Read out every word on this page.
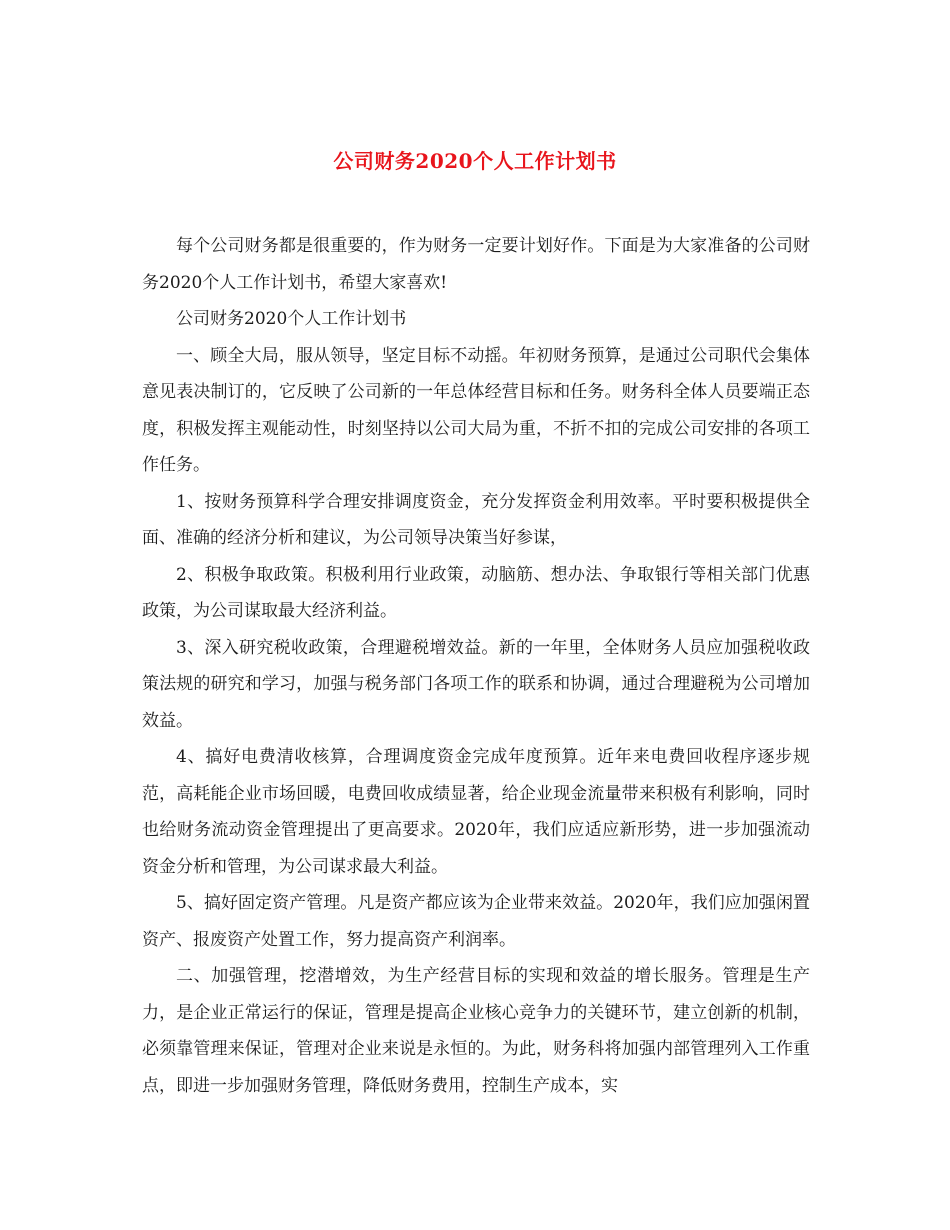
公司财务2020个人工作计划书

每个公司财务都是很重要的，作为财务一定要计划好作。下面是为大家准备的公司财务2020个人工作计划书，希望大家喜欢!

公司财务2020个人工作计划书

一、顾全大局，服从领导，坚定目标不动摇。年初财务预算，是通过公司职代会集体意见表决制订的，它反映了公司新的一年总体经营目标和任务。财务科全体人员要端正态度，积极发挥主观能动性，时刻坚持以公司大局为重，不折不扣的完成公司安排的各项工作任务。

1、按财务预算科学合理安排调度资金，充分发挥资金利用效率。平时要积极提供全面、准确的经济分析和建议，为公司领导决策当好参谋，

2、积极争取政策。积极利用行业政策，动脑筋、想办法、争取银行等相关部门优惠政策，为公司谋取最大经济利益。

3、深入研究税收政策，合理避税增效益。新的一年里，全体财务人员应加强税收政策法规的研究和学习，加强与税务部门各项工作的联系和协调，通过合理避税为公司增加效益。

4、搞好电费清收核算，合理调度资金完成年度预算。近年来电费回收程序逐步规范，高耗能企业市场回暖，电费回收成绩显著，给企业现金流量带来积极有利影响，同时也给财务流动资金管理提出了更高要求。2020年，我们应适应新形势，进一步加强流动资金分析和管理，为公司谋求最大利益。

5、搞好固定资产管理。凡是资产都应该为企业带来效益。2020年，我们应加强闲置资产、报废资产处置工作，努力提高资产利润率。

二、加强管理，挖潜增效，为生产经营目标的实现和效益的增长服务。管理是生产力，是企业正常运行的保证，管理是提高企业核心竞争力的关键环节，建立创新的机制，必须靠管理来保证，管理对企业来说是永恒的。为此，财务科将加强内部管理列入工作重点，即进一步加强财务管理，降低财务费用，控制生产成本，实
